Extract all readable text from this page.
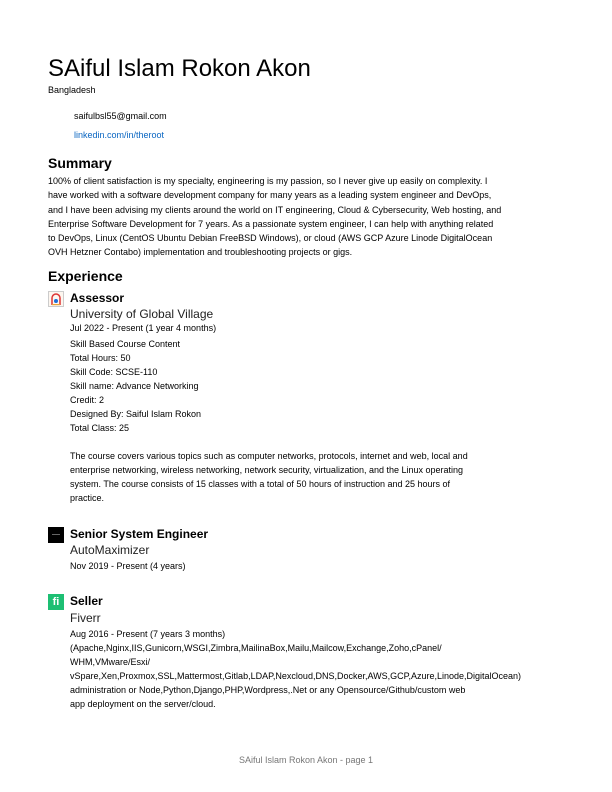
SAiful Islam Rokon Akon
Bangladesh
saifulbsl55@gmail.com
linkedin.com/in/theroot
Summary
100% of client satisfaction is my specialty, engineering is my passion, so I never give up easily on complexity. I
have worked with a software development company for many years as a leading system engineer and DevOps,
and I have been advising my clients around the world on IT engineering, Cloud & Cybersecurity, Web hosting, and
Enterprise Software Development for 7 years. As a passionate system engineer, I can help with anything related
to DevOps, Linux (CentOS Ubuntu Debian FreeBSD Windows), or cloud (AWS GCP Azure Linode DigitalOcean
OVH Hetzner Contabo) implementation and troubleshooting projects or gigs.
Experience
Assessor
University of Global Village
Jul 2022 - Present (1 year 4 months)
Skill Based Course Content
Total Hours: 50
Skill Code: SCSE-110
Skill name: Advance Networking
Credit: 2
Designed By: Saiful Islam Rokon
Total Class: 25
The course covers various topics such as computer networks, protocols, internet and web, local and
enterprise networking, wireless networking, network security, virtualization, and the Linux operating
system. The course consists of 15 classes with a total of 50 hours of instruction and 25 hours of
practice.
Senior System Engineer
AutoMaximizer
Nov 2019 - Present (4 years)
fi Seller
Fiverr
Aug 2016 - Present (7 years 3 months)
(Apache,Nginx,IIS,Gunicorn,WSGI,Zimbra,MailinaBox,Mailu,Mailcow,Exchange,Zoho,cPanel/
WHM,VMware/Esxi/
vSpare,Xen,Proxmox,SSL,Mattermost,Gitlab,LDAP,Nexcloud,DNS,Docker,AWS,GCP,Azure,Linode,DigitalOcean)
administration or Node,Python,Django,PHP,Wordpress,.Net or any Opensource/Github/custom web
app deployment on the server/cloud.
SAiful Islam Rokon Akon - page 1
